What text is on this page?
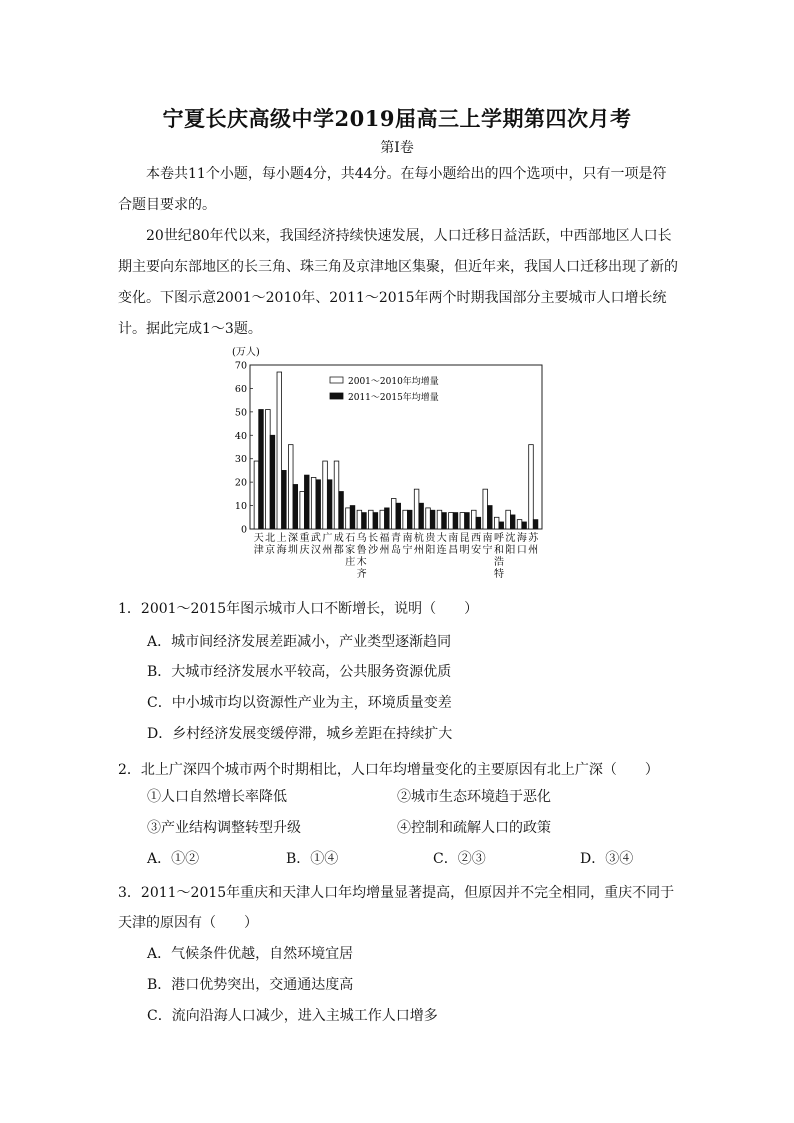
宁夏长庆高级中学2019届高三上学期第四次月考
第Ⅰ卷
本卷共11个小题，每小题4分，共44分。在每小题给出的四个选项中，只有一项是符合题目要求的。
20世纪80年代以来，我国经济持续快速发展，人口迁移日益活跃，中西部地区人口长期主要向东部地区的长三角、珠三角及京津地区集聚，但近年来，我国人口迁移出现了新的变化。下图示意2001～2010年、2011～2015年两个时期我国部分主要城市人口增长统计。据此完成1～3题。
(万人)
0
10
20
30
40
50
60
70
天津
北京
上海
深圳
重庆
武汉
广州
成都
石家庄
乌鲁木齐
长沙
福州
青岛
南宁
杭州
贵阳
大连
南昌
昆明
西安
南宁
呼和浩特
沈阳
海口
苏州
2001～2010年均增量
2011～2015年均增量
1．2001～2015年图示城市人口不断增长，说明（　　）
A．城市间经济发展差距减小，产业类型逐渐趋同
B．大城市经济发展水平较高，公共服务资源优质
C．中小城市均以资源性产业为主，环境质量变差
D．乡村经济发展变缓停滞，城乡差距在持续扩大
2．北上广深四个城市两个时期相比，人口年均增量变化的主要原因有北上广深（　　）
①人口自然增长率降低	②城市生态环境趋于恶化
③产业结构调整转型升级	④控制和疏解人口的政策
A．①②	B．①④	C．②③	D．③④
3．2011～2015年重庆和天津人口年均增量显著提高，但原因并不完全相同，重庆不同于天津的原因有（　　）
A．气候条件优越，自然环境宜居
B．港口优势突出，交通通达度高
C．流向沿海人口减少，进入主城工作人口增多
